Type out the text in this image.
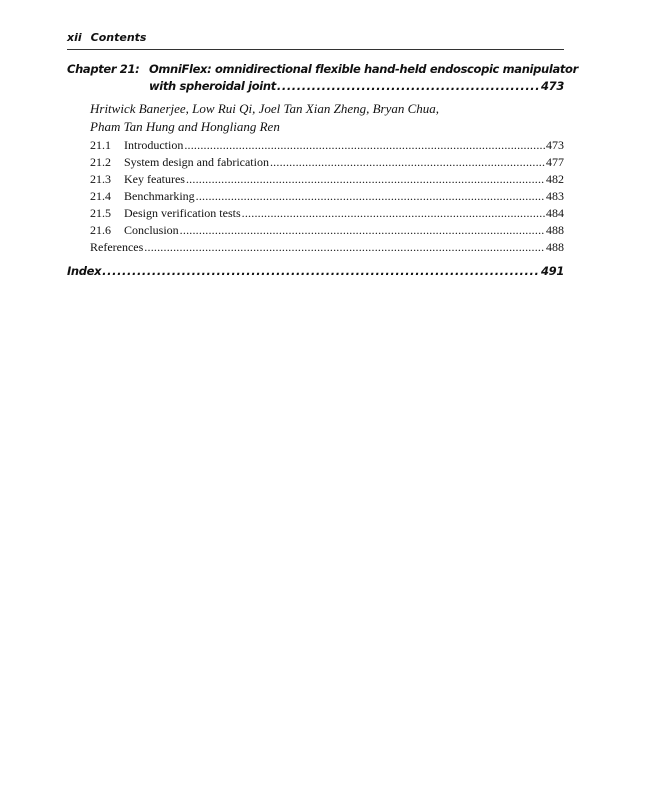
xii Contents
Chapter 21: OmniFlex: omnidirectional flexible hand-held endoscopic manipulator
with spheroidal joint .....	473
Hritwick Banerjee, Low Rui Qi, Joel Tan Xian Zheng, Bryan Chua,
Pham Tan Hung and Hongliang Ren
21.1	Introduction .....	473
21.2	System design and fabrication .....	477
21.3	Key features .....	482
21.4	Benchmarking .....	483
21.5	Design verification tests .....	484
21.6	Conclusion .....	488
References .....	488
Index .....	491
